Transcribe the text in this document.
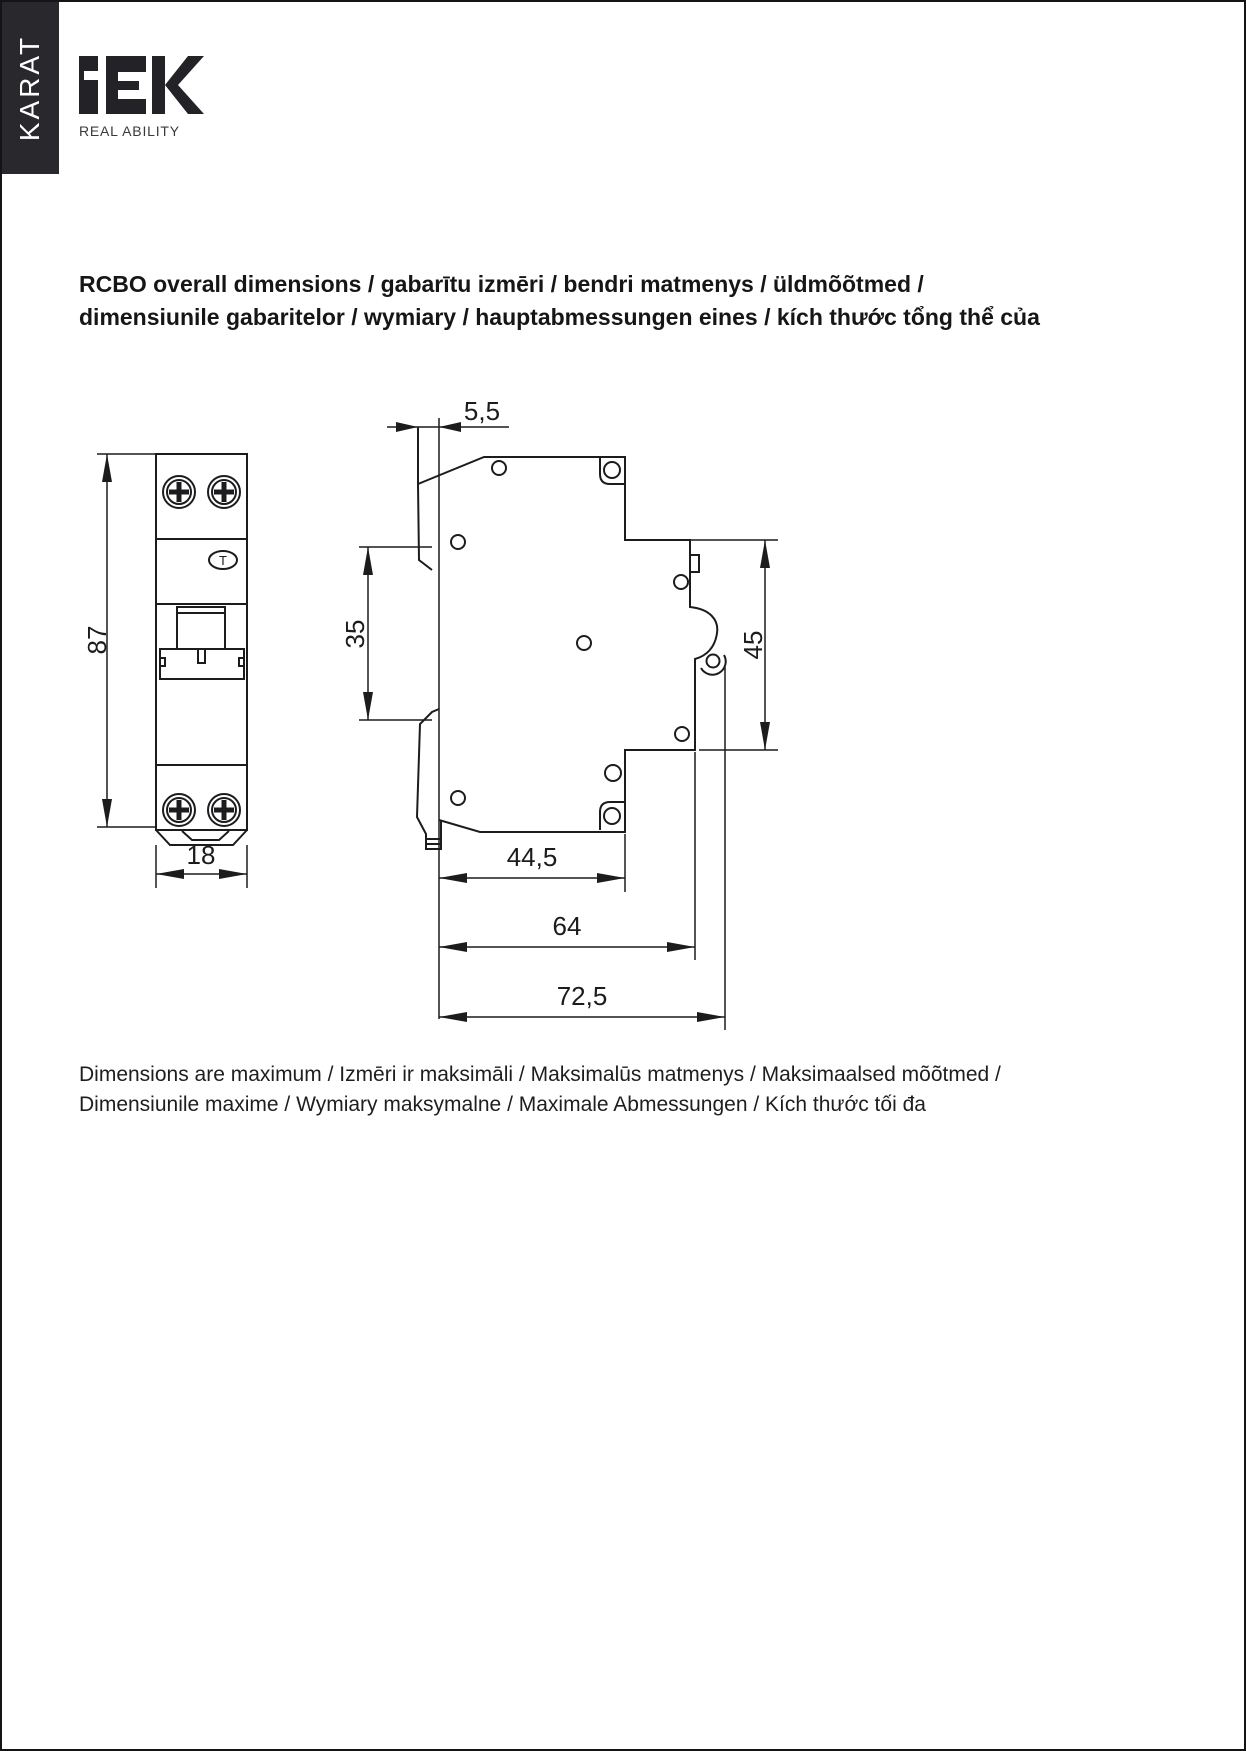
KARAT REAL ABILITY
RCBO overall dimensions / gabarītu izmēri / bendri matmenys / üldmõõtmed /
dimensiunile gabaritelor / wymiary / hauptabmessungen eines / kích thước tổng thể của
T
87
18
5,5
35	45
44,5
64
72,5
Dimensions are maximum / Izmēri ir maksimāli / Maksimalūs matmenys / Maksimaalsed mõõtmed /
Dimensiunile maxime / Wymiary maksymalne / Maximale Abmessungen / Kích thước tối đa
